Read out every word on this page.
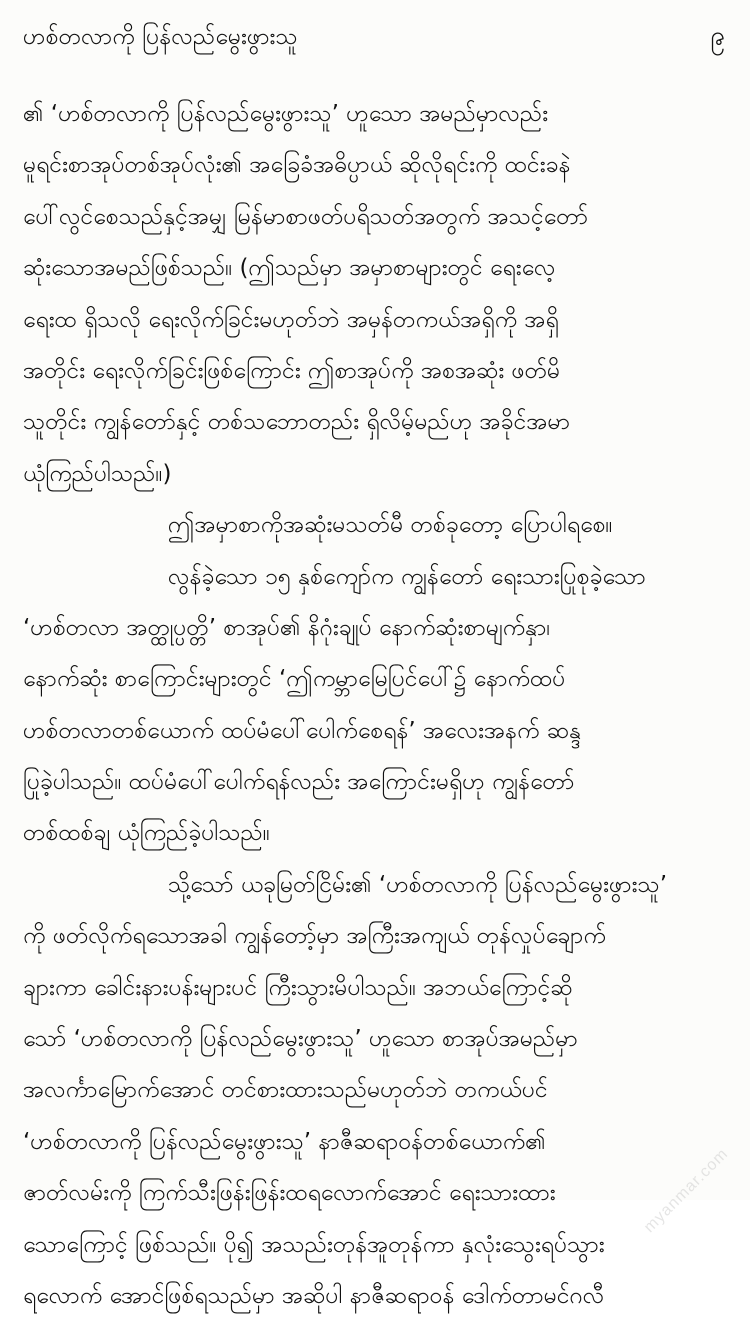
ဟစ်တလာကို ပြန်လည်မွေးဖွားသူ	၉
၏ ‘ဟစ်တလာကို ပြန်လည်မွေးဖွားသူ’ ဟူသော အမည်မှာလည်း
မူရင်းစာအုပ်တစ်အုပ်လုံး၏ အခြေခံအဓိပ္ပာယ် ဆိုလိုရင်းကို ထင်းခနဲ
ပေါ်လွင်စေသည်နှင့်အမျှ မြန်မာစာဖတ်ပရိသတ်အတွက် အသင့်တော်
ဆုံးသောအမည်ဖြစ်သည်။ (ဤသည်မှာ အမှာစာများတွင် ရေးလေ့
ရေးထ ရှိသလို ရေးလိုက်ခြင်းမဟုတ်ဘဲ အမှန်တကယ်အရှိကို အရှိ
အတိုင်း ရေးလိုက်ခြင်းဖြစ်ကြောင်း ဤစာအုပ်ကို အစအဆုံး ဖတ်မိ
သူတိုင်း ကျွန်တော်နှင့် တစ်သဘောတည်း ရှိလိမ့်မည်ဟု အခိုင်အမာ
ယုံကြည်ပါသည်။)
ဤအမှာစာကိုအဆုံးမသတ်မီ တစ်ခုတော့ ပြောပါရစေ။
လွန်ခဲ့သော ၁၅ နှစ်ကျော်က ကျွန်တော် ရေးသားပြုစုခဲ့သော
‘ဟစ်တလာ အတ္ထုပ္ပတ္တိ’ စာအုပ်၏ နိဂုံးချုပ် နောက်ဆုံးစာမျက်နှာ၊
နောက်ဆုံး စာကြောင်းများတွင် ‘ဤကမ္ဘာမြေပြင်ပေါ်၌ နောက်ထပ်
ဟစ်တလာတစ်ယောက် ထပ်မံပေါ်ပေါက်စေရန်’ အလေးအနက် ဆန္ဒ
ပြုခဲ့ပါသည်။ ထပ်မံပေါ်ပေါက်ရန်လည်း အကြောင်းမရှိဟု ကျွန်တော်
တစ်ထစ်ချ ယုံကြည်ခဲ့ပါသည်။
သို့သော် ယခုမြတ်ငြိမ်း၏ ‘ဟစ်တလာကို ပြန်လည်မွေးဖွားသူ’
ကို ဖတ်လိုက်ရသောအခါ ကျွန်တော့်မှာ အကြီးအကျယ် တုန်လှုပ်ချောက်
ချားကာ ခေါင်းနားပန်းများပင် ကြီးသွားမိပါသည်။ အဘယ်ကြောင့်ဆို
သော် ‘ဟစ်တလာကို ပြန်လည်မွေးဖွားသူ’ ဟူသော စာအုပ်အမည်မှာ
အလင်္ကာမြောက်အောင် တင်စားထားသည်မဟုတ်ဘဲ တကယ်ပင်
‘ဟစ်တလာကို ပြန်လည်မွေးဖွားသူ’ နာဇီဆရာဝန်တစ်ယောက်၏
ဇာတ်လမ်းကို ကြက်သီးဖြန်းဖြန်းထရလောက်အောင် ရေးသားထား
သောကြောင့် ဖြစ်သည်။ ပို၍ အသည်းတုန်အူတုန်ကာ နှလုံးသွေးရပ်သွား
ရလောက် အောင်ဖြစ်ရသည်မှာ အဆိုပါ နာဇီဆရာဝန် ဒေါက်တာမင်ဂလီ
myanmar.com
